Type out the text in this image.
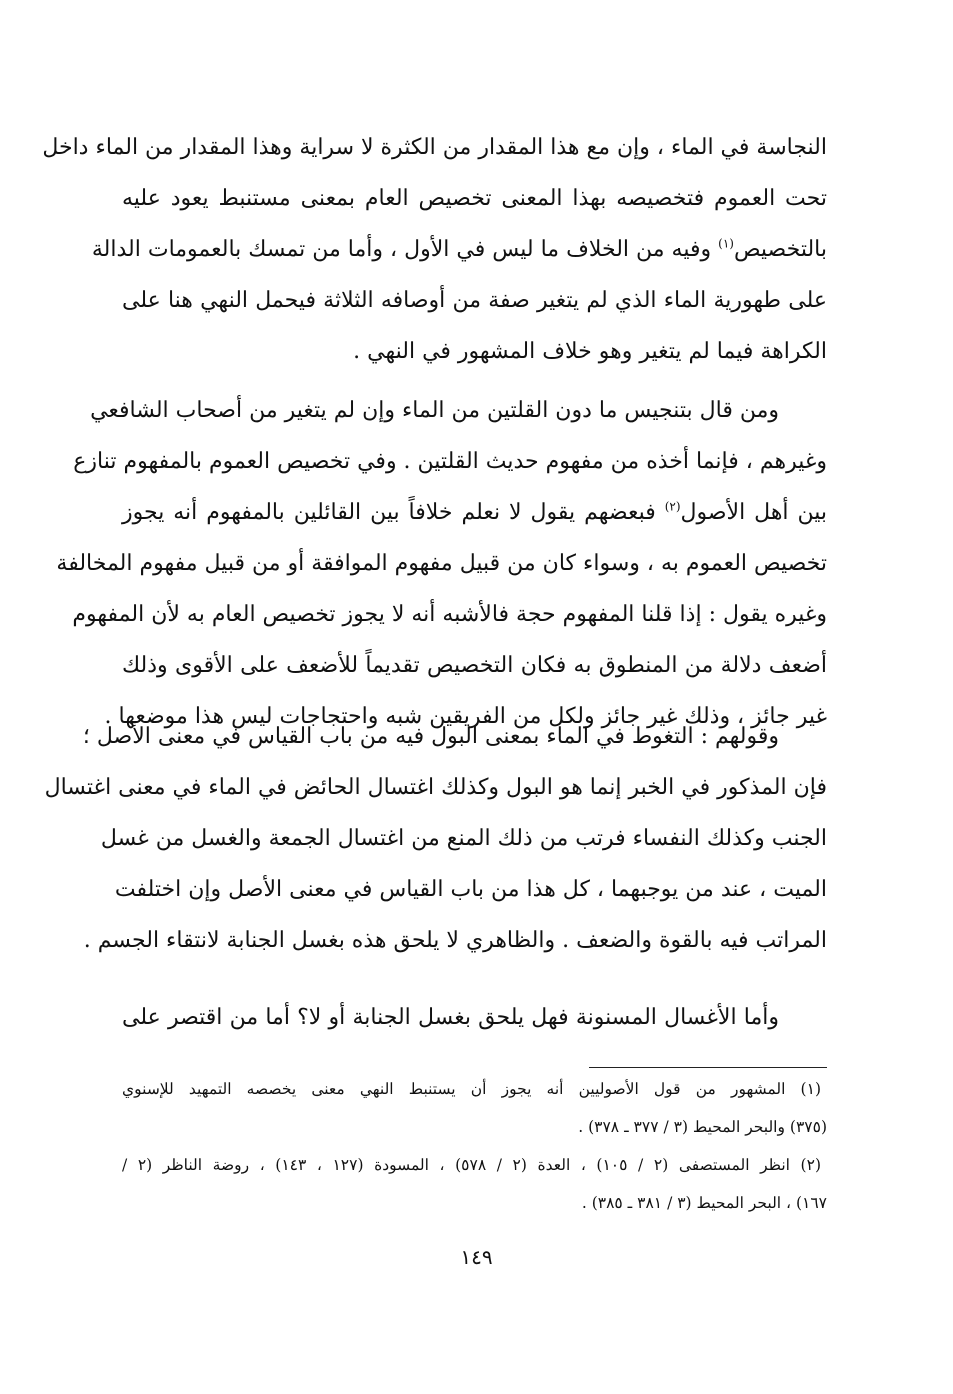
النجاسة في الماء ، وإن مع هذا المقدار من الكثرة لا سراية وهذا المقدار من الماء داخل
تحت العموم فتخصيصه بهذا المعنى تخصيص العام بمعنى مستنبط يعود عليه
بالتخصيص$^{(١)}$ وفيه من الخلاف ما ليس في الأول ، وأما من تمسك بالعمومات الدالة
على طهورية الماء الذي لم يتغير صفة من أوصافه الثلاثة فيحمل النهي هنا على
الكراهة فيما لم يتغير وهو خلاف المشهور في النهي .
ومن قال بتنجيس ما دون القلتين من الماء وإن لم يتغير من أصحاب الشافعي
وغيرهم ، فإنما أخذه من مفهوم حديث القلتين . وفي تخصيص العموم بالمفهوم تنازع
بين أهل الأصول$^{(٢)}$ فبعضهم يقول لا نعلم خلافاً بين القائلين بالمفهوم أنه يجوز
تخصيص العموم به ، وسواء كان من قبيل مفهوم الموافقة أو من قبيل مفهوم المخالفة
وغيره يقول : إذا قلنا المفهوم حجة فالأشبه أنه لا يجوز تخصيص العام به لأن المفهوم
أضعف دلالة من المنطوق به فكان التخصيص تقديماً للأضعف على الأقوى وذلك
غير جائز ، وذلك غير جائز ولكل من الفريقين شبه واحتجاجات ليس هذا موضعها .
وقولهم : التغوط في الماء بمعنى البول فيه من باب القياس في معنى الأصل ؛
فإن المذكور في الخبر إنما هو البول وكذلك اغتسال الحائض في الماء في معنى اغتسال
الجنب وكذلك النفساء فرتب من ذلك المنع من اغتسال الجمعة والغسل من غسل
الميت ، عند من يوجبهما ، كل هذا من باب القياس في معنى الأصل وإن اختلفت
المراتب فيه بالقوة والضعف . والظاهري لا يلحق هذه بغسل الجنابة لانتقاء الجسم .
وأما الأغسال المسنونة فهل يلحق بغسل الجنابة أو لا؟ أما من اقتصر على
(١) المشهور من قول الأصوليين أنه يجوز أن يستنبط النهي معنى يخصصه التمهيد للإسنوي
(٣٧٥) والبحر المحيط (٣ / ٣٧٧ ـ ٣٧٨) .
(٢) انظر المستصفى (٢ / ١٠٥) ، العدة (٢ / ٥٧٨) ، المسودة (١٢٧ ، ١٤٣) ، روضة الناظر (٢ /
١٦٧) ، البحر المحيط (٣ / ٣٨١ ـ ٣٨٥) .
١٤٩
